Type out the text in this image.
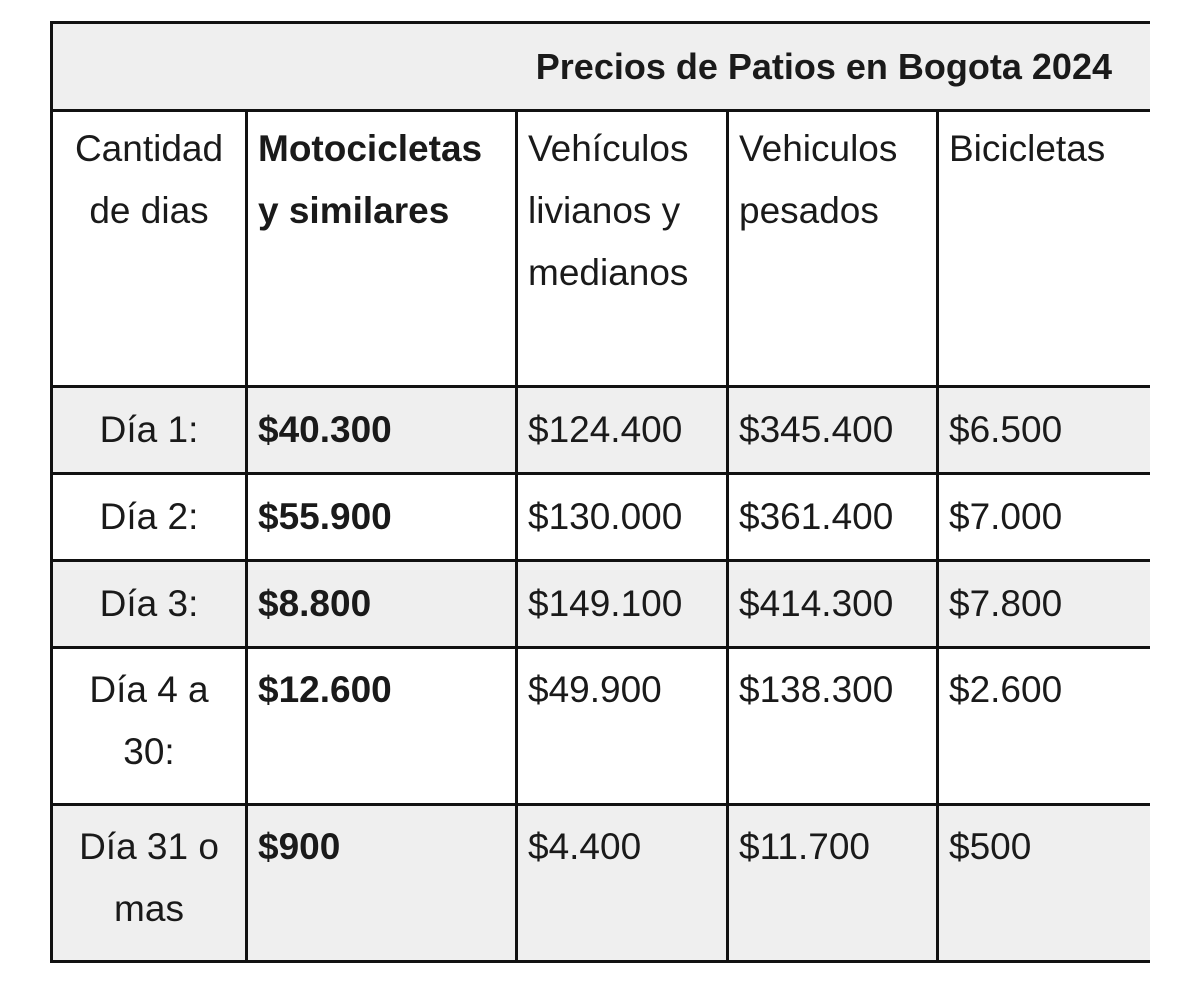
Precios de Patios en Bogota 2024				
Cantidad de dias	Motocicletas y similares	Vehículos livianos y medianos	Vehiculos pesados	Bicicletas
Día 1:	$40.300	$124.400	$345.400	$6.500
Día 2:	$55.900	$130.000	$361.400	$7.000
Día 3:	$8.800	$149.100	$414.300	$7.800
Día 4 a 30:	$12.600	$49.900	$138.300	$2.600
Día 31 o mas	$900	$4.400	$11.700	$500
